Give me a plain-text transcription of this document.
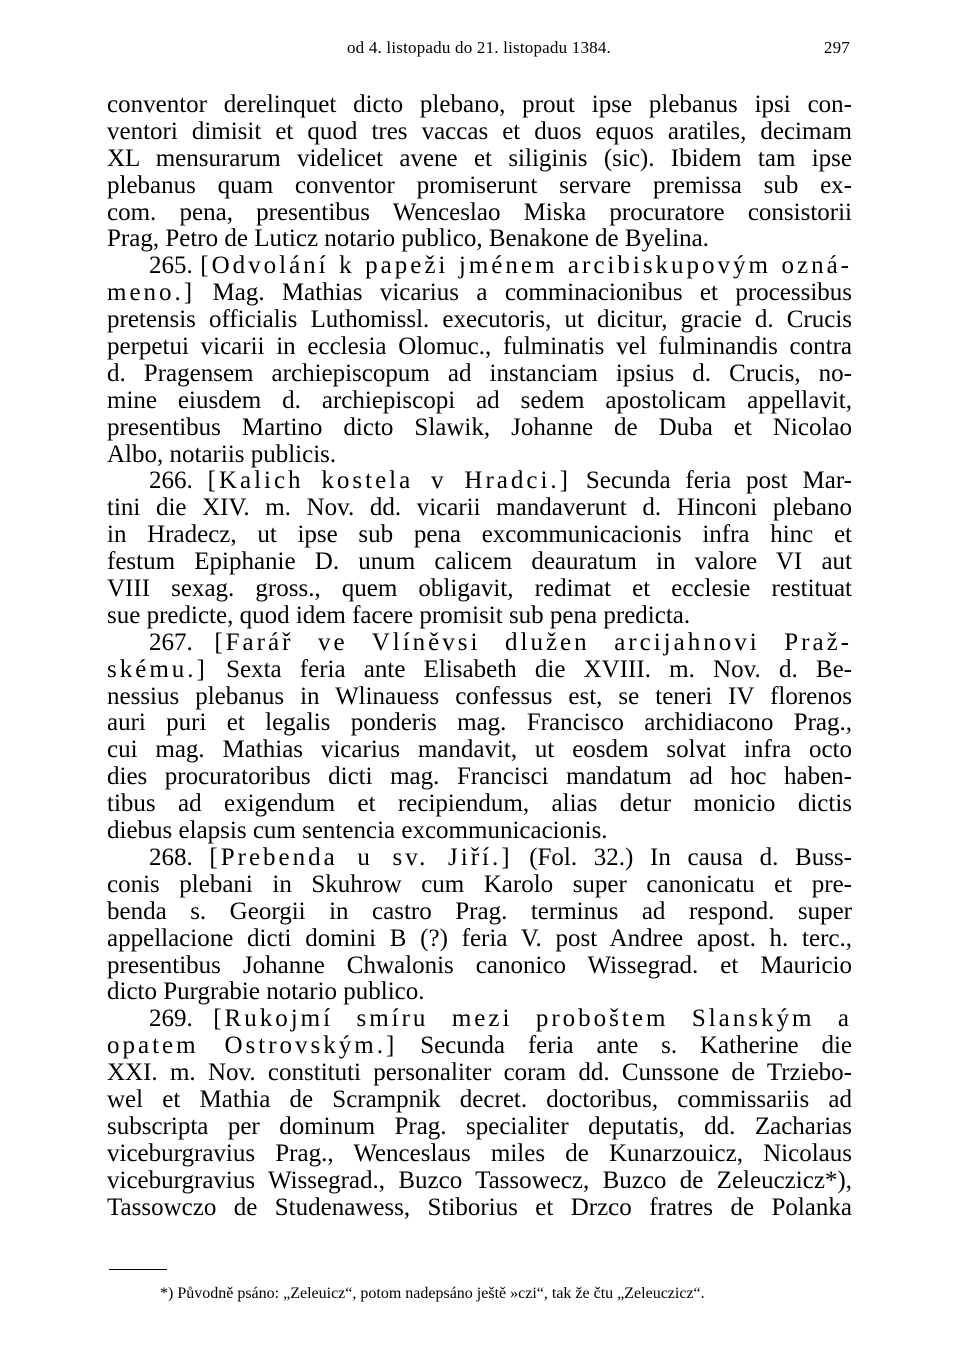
od 4. listopadu do 21. listopadu 1384.	297
conventor derelinquet dicto plebano, prout ipse plebanus ipsi con-
ventori dimisit et quod tres vaccas et duos equos aratiles, decimam
XL mensurarum videlicet avene et siliginis (sic). Ibidem tam ipse
plebanus quam conventor promiserunt servare premissa sub ex-
com. pena, presentibus Wenceslao Miska procuratore consistorii
Prag, Petro de Luticz notario publico, Benakone de Byelina.
265. [Odvolání k papeži jménem arcibiskupovým ozná-
meno.] Mag. Mathias vicarius a comminacionibus et processibus
pretensis officialis Luthomissl. executoris, ut dicitur, gracie d. Crucis
perpetui vicarii in ecclesia Olomuc., fulminatis vel fulminandis contra
d. Pragensem archiepiscopum ad instanciam ipsius d. Crucis, no-
mine eiusdem d. archiepiscopi ad sedem apostolicam appellavit,
presentibus Martino dicto Slawik, Johanne de Duba et Nicolao
Albo, notariis publicis.
266. [Kalich kostela v Hradci.] Secunda feria post Mar-
tini die XIV. m. Nov. dd. vicarii mandaverunt d. Hinconi plebano
in Hradecz, ut ipse sub pena excommunicacionis infra hinc et
festum Epiphanie D. unum calicem deauratum in valore VI aut
VIII sexag. gross., quem obligavit, redimat et ecclesie restituat
sue predicte, quod idem facere promisit sub pena predicta.
267. [Farář ve Vlíněvsi dlužen arcijahnovi Praž-
skému.] Sexta feria ante Elisabeth die XVIII. m. Nov. d. Be-
nessius plebanus in Wlinauess confessus est, se teneri IV florenos
auri puri et legalis ponderis mag. Francisco archidiacono Prag.,
cui mag. Mathias vicarius mandavit, ut eosdem solvat infra octo
dies procuratoribus dicti mag. Francisci mandatum ad hoc haben-
tibus ad exigendum et recipiendum, alias detur monicio dictis
diebus elapsis cum sentencia excommunicacionis.
268. [Prebenda u sv. Jiří.] (Fol. 32.) In causa d. Buss-
conis plebani in Skuhrow cum Karolo super canonicatu et pre-
benda s. Georgii in castro Prag. terminus ad respond. super
appellacione dicti domini B (?) feria V. post Andree apost. h. terc.,
presentibus Johanne Chwalonis canonico Wissegrad. et Mauricio
dicto Purgrabie notario publico.
269. [Rukojmí smíru mezi proboštem Slanským a
opatem Ostrovským.] Secunda feria ante s. Katherine die
XXI. m. Nov. constituti personaliter coram dd. Cunssone de Trziebo-
wel et Mathia de Scrampnik decret. doctoribus, commissariis ad
subscripta per dominum Prag. specialiter deputatis, dd. Zacharias
viceburgravius Prag., Wenceslaus miles de Kunarzouicz, Nicolaus
viceburgravius Wissegrad., Buzco Tassowecz, Buzco de Zeleuczicz*),
Tassowczo de Studenawess, Stiborius et Drzco fratres de Polanka
*) Původně psáno: „Zeleuicz“, potom nadepsáno ještě »czi“, tak že čtu „Zeleuczicz“.
